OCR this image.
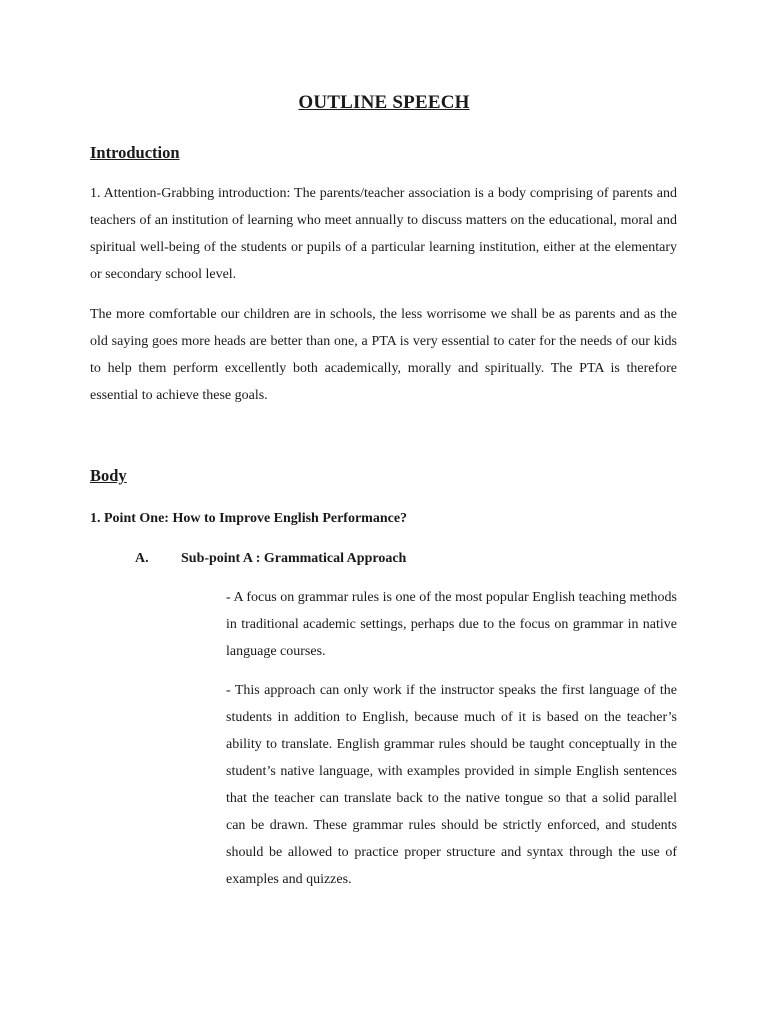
OUTLINE SPEECH
Introduction

1. Attention-Grabbing introduction: The parents/teacher association is a body comprising of parents and teachers of an institution of learning who meet annually to discuss matters on the educational, moral and spiritual well-being of the students or pupils of a particular learning institution, either at the elementary or secondary school level.

The more comfortable our children are in schools, the less worrisome we shall be as parents and as the old saying goes more heads are better than one, a PTA is very essential to cater for the needs of our kids to help them perform excellently both academically, morally and spiritually. The PTA is therefore essential to achieve these goals.

Body

1. Point One: How to Improve English Performance?

A. Sub-point A : Grammatical Approach

- A focus on grammar rules is one of the most popular English teaching methods in traditional academic settings, perhaps due to the focus on grammar in native language courses.

- This approach can only work if the instructor speaks the first language of the students in addition to English, because much of it is based on the teacher’s ability to translate. English grammar rules should be taught conceptually in the student’s native language, with examples provided in simple English sentences that the teacher can translate back to the native tongue so that a solid parallel can be drawn. These grammar rules should be strictly enforced, and students should be allowed to practice proper structure and syntax through the use of examples and quizzes.
